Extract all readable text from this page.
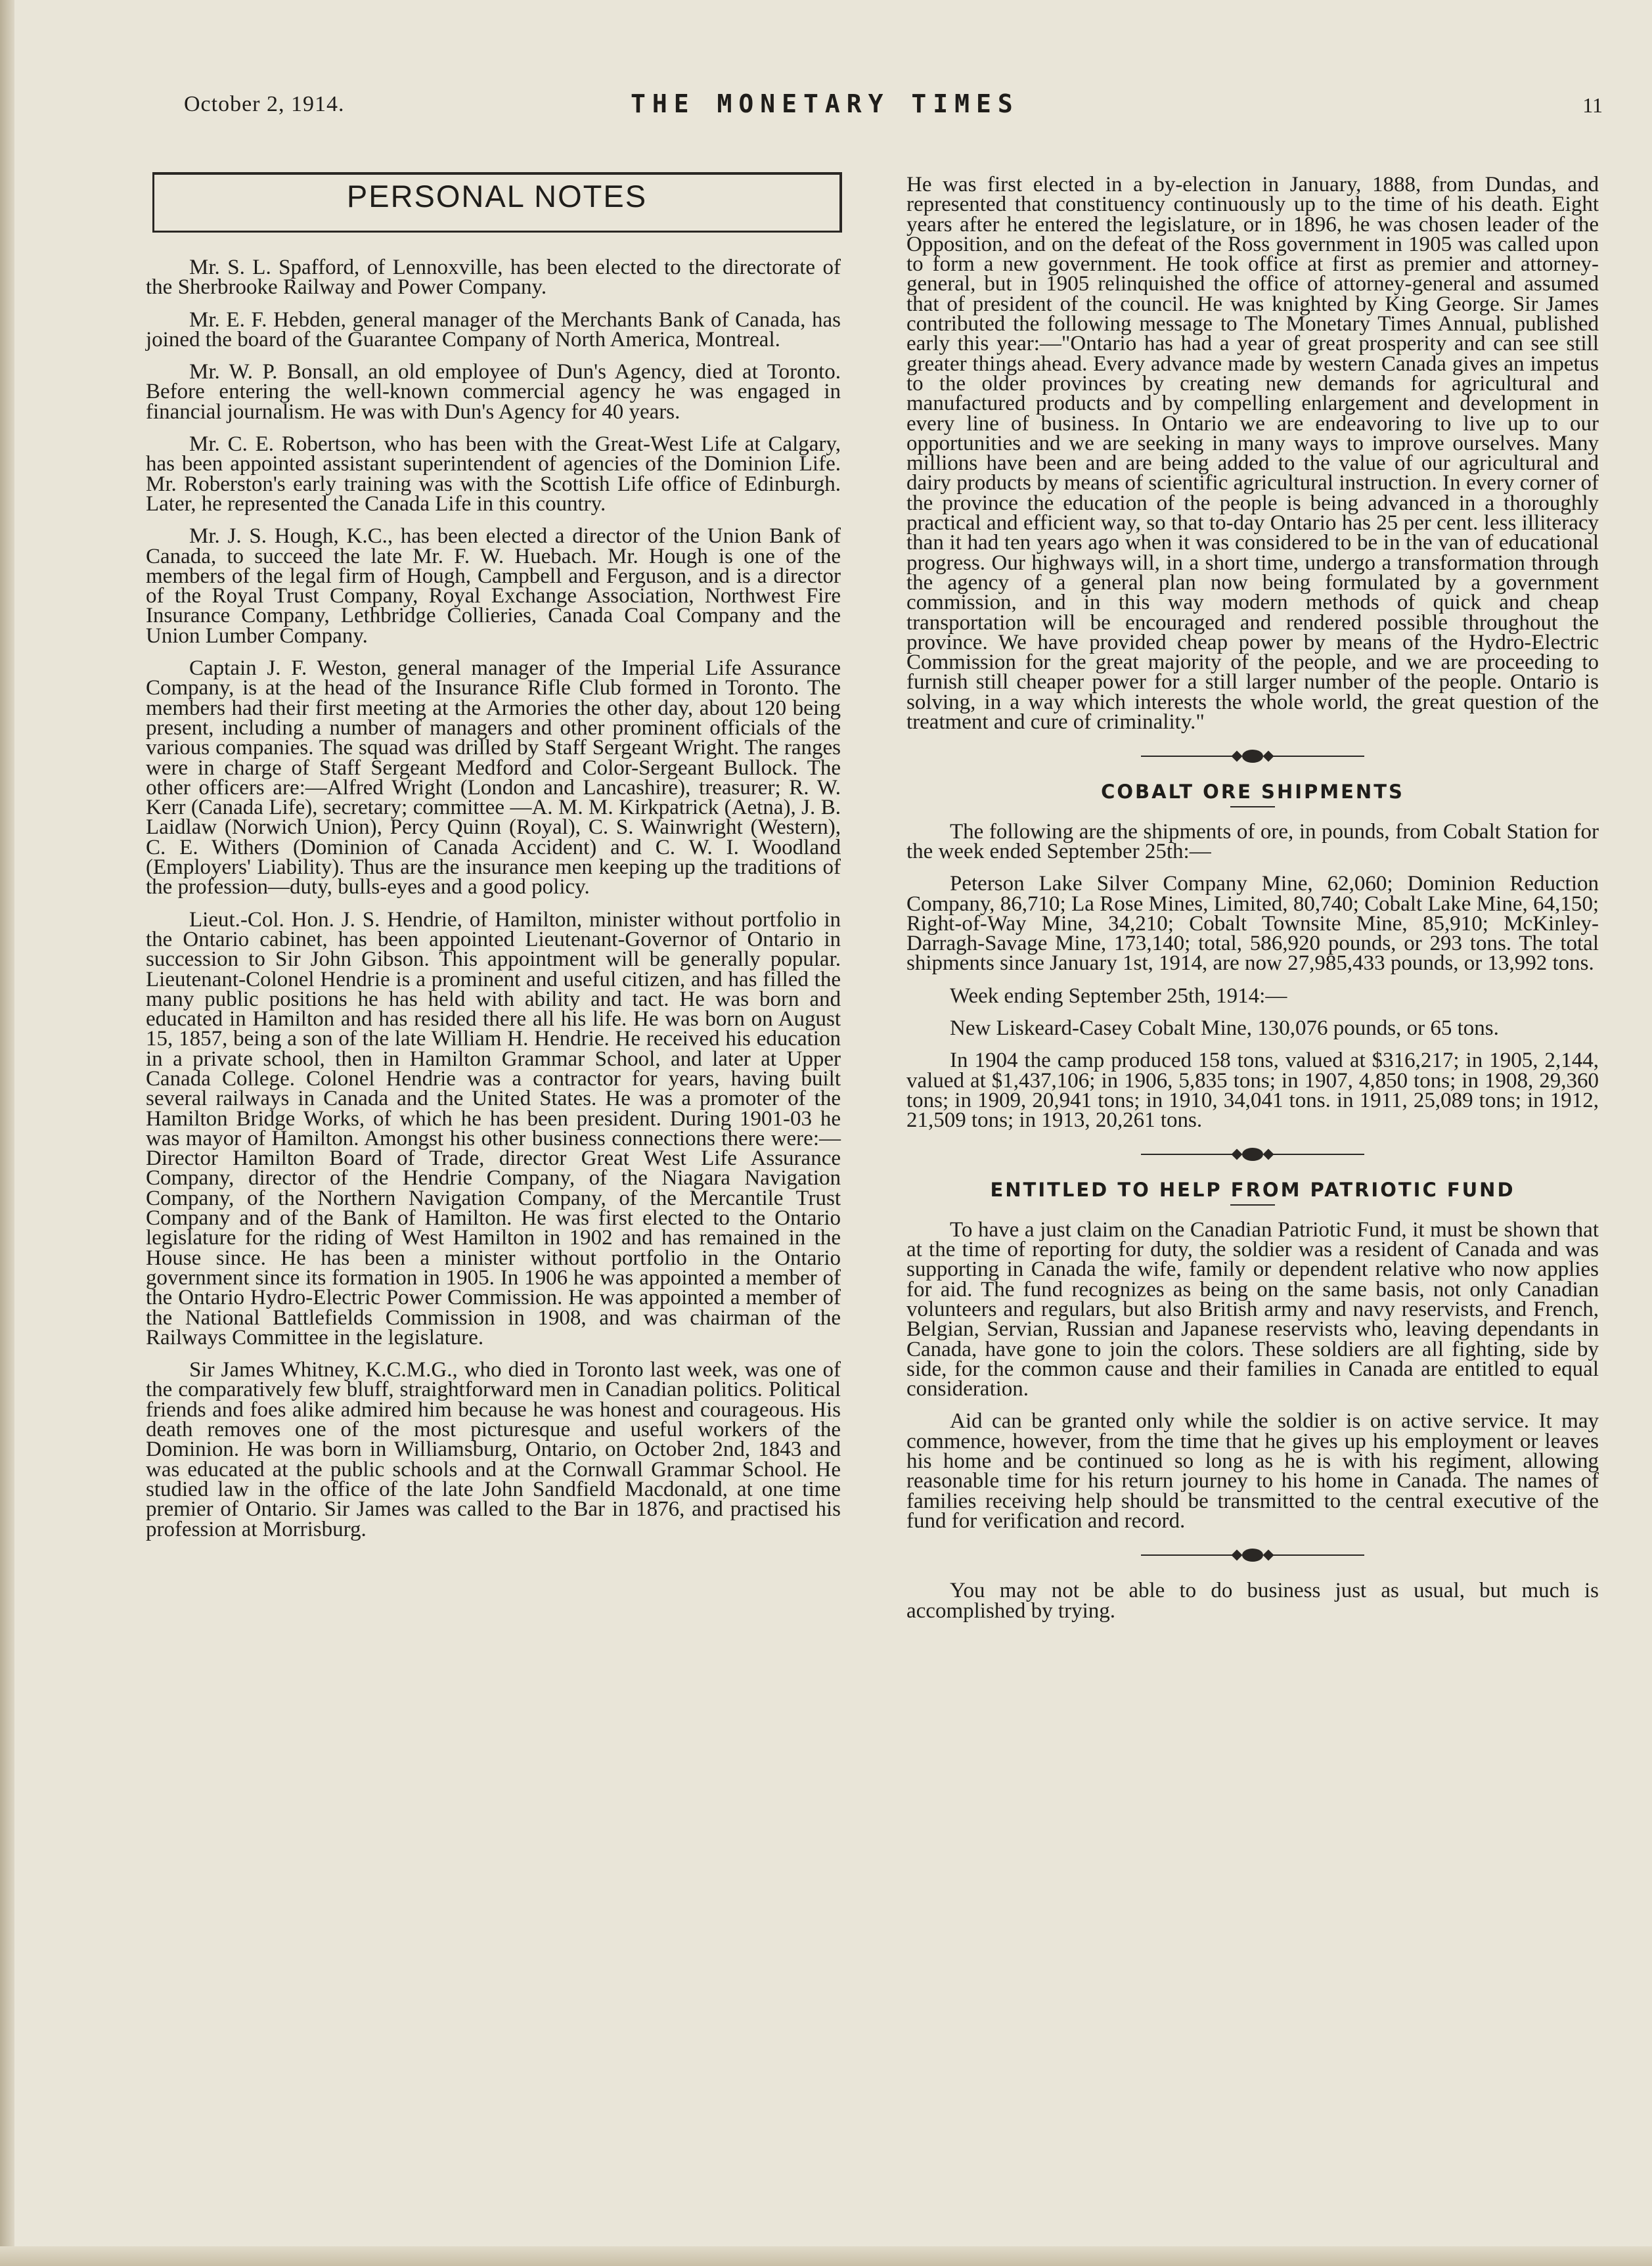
October 2, 1914.	THE MONETARY TIMES	11
PERSONAL NOTES

Mr. S. L. Spafford, of Lennoxville, has been elected to the directorate of the Sherbrooke Railway and Power Company.

Mr. E. F. Hebden, general manager of the Merchants Bank of Canada, has joined the board of the Guarantee Company of North America, Montreal.

Mr. W. P. Bonsall, an old employee of Dun's Agency, died at Toronto. Before entering the well-known commercial agency he was engaged in financial journalism. He was with Dun's Agency for 40 years.

Mr. C. E. Robertson, who has been with the Great-West Life at Calgary, has been appointed assistant superintendent of agencies of the Dominion Life. Mr. Roberston's early training was with the Scottish Life office of Edinburgh. Later, he represented the Canada Life in this country.

Mr. J. S. Hough, K.C., has been elected a director of the Union Bank of Canada, to succeed the late Mr. F. W. Huebach. Mr. Hough is one of the members of the legal firm of Hough, Campbell and Ferguson, and is a director of the Royal Trust Company, Royal Exchange Association, Northwest Fire Insurance Company, Lethbridge Collieries, Canada Coal Company and the Union Lumber Company.

Captain J. F. Weston, general manager of the Imperial Life Assurance Company, is at the head of the Insurance Rifle Club formed in Toronto. The members had their first meeting at the Armories the other day, about 120 being present, including a number of managers and other prominent officials of the various companies. The squad was drilled by Staff Sergeant Wright. The ranges were in charge of Staff Sergeant Medford and Color-Sergeant Bullock. The other officers are:—Alfred Wright (London and Lancashire), treasurer; R. W. Kerr (Canada Life), secretary; committee —A. M. M. Kirkpatrick (Aetna), J. B. Laidlaw (Norwich Union), Percy Quinn (Royal), C. S. Wainwright (Western), C. E. Withers (Dominion of Canada Accident) and C. W. I. Woodland (Employers' Liability). Thus are the insurance men keeping up the traditions of the profession—duty, bulls-eyes and a good policy.

Lieut.-Col. Hon. J. S. Hendrie, of Hamilton, minister without portfolio in the Ontario cabinet, has been appointed Lieutenant-Governor of Ontario in succession to Sir John Gibson. This appointment will be generally popular. Lieutenant-Colonel Hendrie is a prominent and useful citizen, and has filled the many public positions he has held with ability and tact. He was born and educated in Hamilton and has resided there all his life. He was born on August 15, 1857, being a son of the late William H. Hendrie. He received his education in a private school, then in Hamilton Grammar School, and later at Upper Canada College. Colonel Hendrie was a contractor for years, having built several railways in Canada and the United States. He was a promoter of the Hamilton Bridge Works, of which he has been president. During 1901-03 he was mayor of Hamilton. Amongst his other business connections there were:—Director Hamilton Board of Trade, director Great West Life Assurance Company, director of the Hendrie Company, of the Niagara Navigation Company, of the Northern Navigation Company, of the Mercantile Trust Company and of the Bank of Hamilton. He was first elected to the Ontario legislature for the riding of West Hamilton in 1902 and has remained in the House since. He has been a minister without portfolio in the Ontario government since its formation in 1905. In 1906 he was appointed a member of the Ontario Hydro-Electric Power Commission. He was appointed a member of the National Battlefields Commission in 1908, and was chairman of the Railways Committee in the legislature.

Sir James Whitney, K.C.M.G., who died in Toronto last week, was one of the comparatively few bluff, straightforward men in Canadian politics. Political friends and foes alike admired him because he was honest and courageous. His death removes one of the most picturesque and useful workers of the Dominion. He was born in Williamsburg, Ontario, on October 2nd, 1843 and was educated at the public schools and at the Cornwall Grammar School. He studied law in the office of the late John Sandfield Macdonald, at one time premier of Ontario. Sir James was called to the Bar in 1876, and practised his profession at Morrisburg.

He was first elected in a by-election in January, 1888, from Dundas, and represented that constituency continuously up to the time of his death. Eight years after he entered the legislature, or in 1896, he was chosen leader of the Opposition, and on the defeat of the Ross government in 1905 was called upon to form a new government. He took office at first as premier and attorney-general, but in 1905 relinquished the office of attorney-general and assumed that of president of the council. He was knighted by King George. Sir James contributed the following message to The Monetary Times Annual, published early this year:—"Ontario has had a year of great prosperity and can see still greater things ahead. Every advance made by western Canada gives an impetus to the older provinces by creating new demands for agricultural and manufactured products and by compelling enlargement and development in every line of business. In Ontario we are endeavoring to live up to our opportunities and we are seeking in many ways to improve ourselves. Many millions have been and are being added to the value of our agricultural and dairy products by means of scientific agricultural instruction. In every corner of the province the education of the people is being advanced in a thoroughly practical and efficient way, so that to-day Ontario has 25 per cent. less illiteracy than it had ten years ago when it was considered to be in the van of educational progress. Our highways will, in a short time, undergo a transformation through the agency of a general plan now being formulated by a government commission, and in this way modern methods of quick and cheap transportation will be encouraged and rendered possible throughout the province. We have provided cheap power by means of the Hydro-Electric Commission for the great majority of the people, and we are proceeding to furnish still cheaper power for a still larger number of the people. Ontario is solving, in a way which interests the whole world, the great question of the treatment and cure of criminality."

COBALT ORE SHIPMENTS

The following are the shipments of ore, in pounds, from Cobalt Station for the week ended September 25th:—

Peterson Lake Silver Company Mine, 62,060; Dominion Reduction Company, 86,710; La Rose Mines, Limited, 80,740; Cobalt Lake Mine, 64,150; Right-of-Way Mine, 34,210; Cobalt Townsite Mine, 85,910; McKinley-Darragh-Savage Mine, 173,140; total, 586,920 pounds, or 293 tons. The total shipments since January 1st, 1914, are now 27,985,433 pounds, or 13,992 tons.

Week ending September 25th, 1914:—

New Liskeard-Casey Cobalt Mine, 130,076 pounds, or 65 tons.

In 1904 the camp produced 158 tons, valued at $316,217; in 1905, 2,144, valued at $1,437,106; in 1906, 5,835 tons; in 1907, 4,850 tons; in 1908, 29,360 tons; in 1909, 20,941 tons; in 1910, 34,041 tons. in 1911, 25,089 tons; in 1912, 21,509 tons; in 1913, 20,261 tons.

ENTITLED TO HELP FROM PATRIOTIC FUND

To have a just claim on the Canadian Patriotic Fund, it must be shown that at the time of reporting for duty, the soldier was a resident of Canada and was supporting in Canada the wife, family or dependent relative who now applies for aid. The fund recognizes as being on the same basis, not only Canadian volunteers and regulars, but also British army and navy reservists, and French, Belgian, Servian, Russian and Japanese reservists who, leaving dependants in Canada, have gone to join the colors. These soldiers are all fighting, side by side, for the common cause and their families in Canada are entitled to equal consideration.

Aid can be granted only while the soldier is on active service. It may commence, however, from the time that he gives up his employment or leaves his home and be continued so long as he is with his regiment, allowing reasonable time for his return journey to his home in Canada. The names of families receiving help should be transmitted to the central executive of the fund for verification and record.

You may not be able to do business just as usual, but much is accomplished by trying.
